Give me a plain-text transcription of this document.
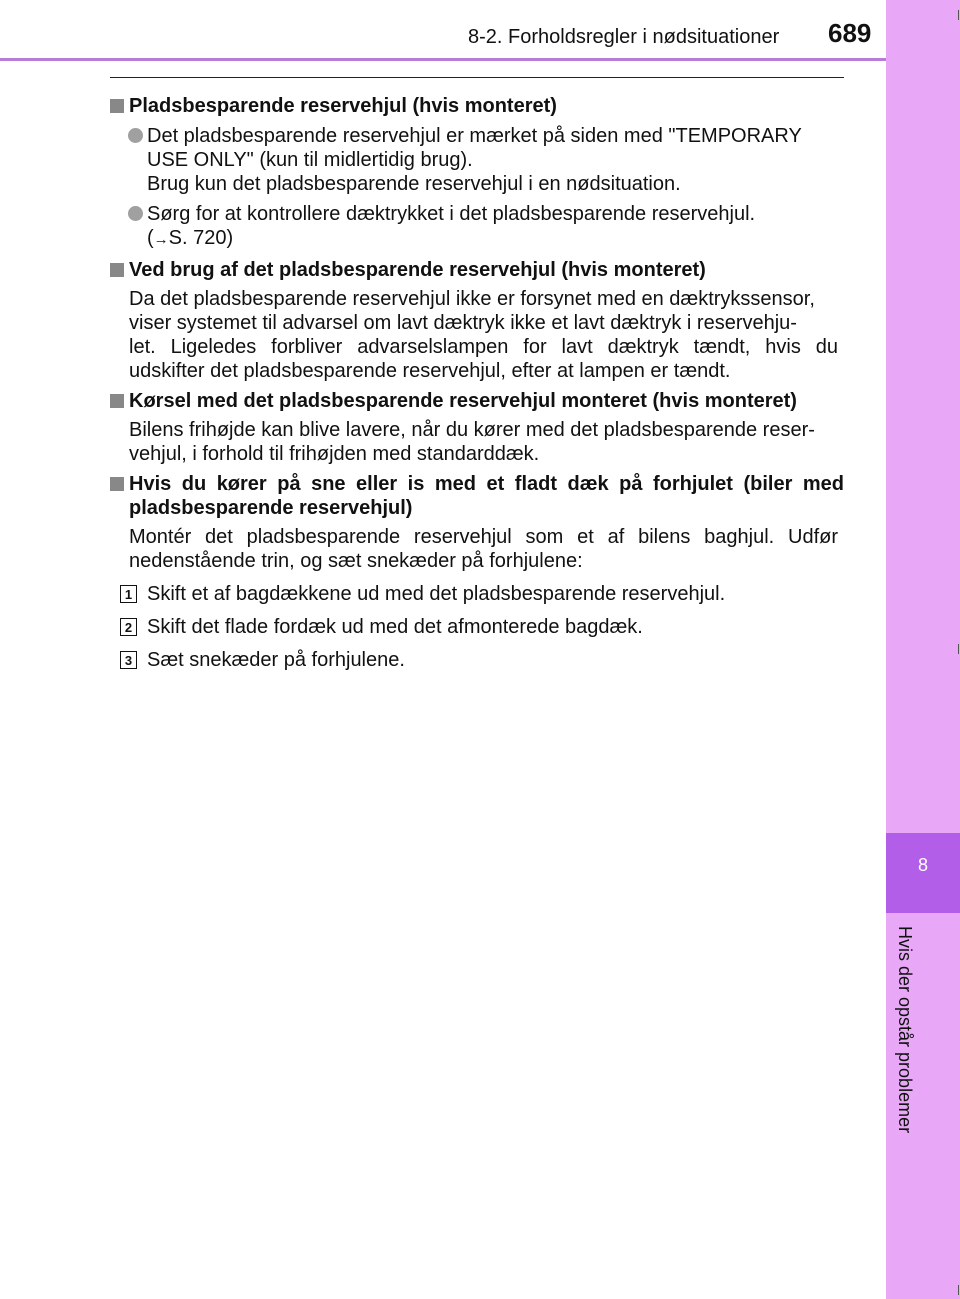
8
Hvis der opstår problemer
8-2. Forholdsregler i nødsituationer 689
Pladsbesparende reservehjul (hvis monteret)
Det pladsbesparende reservehjul er mærket på siden med "TEMPORARY
USE ONLY" (kun til midlertidig brug).
Brug kun det pladsbesparende reservehjul i en nødsituation.
Sørg for at kontrollere dæktrykket i det pladsbesparende reservehjul.
(→S. 720)
Ved brug af det pladsbesparende reservehjul (hvis monteret)
Da det pladsbesparende reservehjul ikke er forsynet med en dæktrykssensor,
viser systemet til advarsel om lavt dæktryk ikke et lavt dæktryk i reservehju-
let. Ligeledes forbliver advarselslampen for lavt dæktryk tændt, hvis du
udskifter det pladsbesparende reservehjul, efter at lampen er tændt.
Kørsel med det pladsbesparende reservehjul monteret (hvis monteret)
Bilens frihøjde kan blive lavere, når du kører med det pladsbesparende reser-
vehjul, i forhold til frihøjden med standarddæk.
Hvis du kører på sne eller is med et fladt dæk på forhjulet (biler med
pladsbesparende reservehjul)
Montér det pladsbesparende reservehjul som et af bilens baghjul. Udfør
nedenstående trin, og sæt snekæder på forhjulene:
1 Skift et af bagdækkene ud med det pladsbesparende reservehjul.
2 Skift det flade fordæk ud med det afmonterede bagdæk.
3 Sæt snekæder på forhjulene.
